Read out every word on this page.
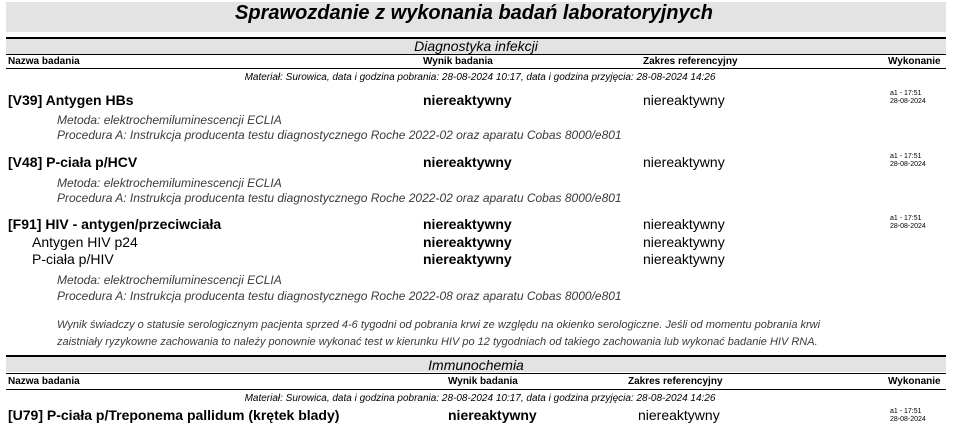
Sprawozdanie z wykonania badań laboratoryjnych
Diagnostyka infekcji
Nazwa badania	Wynik badania	Zakres referencyjny	Wykonanie
Materiał: Surowica, data i godzina pobrania: 28-08-2024 10:17, data i godzina przyjęcia: 28-08-2024 14:26
[V39] Antygen HBs	niereaktywny	niereaktywny	a1 - 17:51
28-08-2024
Metoda: elektrochemiluminescencji ECLIA
Procedura A: Instrukcja producenta testu diagnostycznego Roche 2022-02 oraz aparatu Cobas 8000/e801
[V48] P-ciała p/HCV	niereaktywny	niereaktywny	a1 - 17:51
28-08-2024
Metoda: elektrochemiluminescencji ECLIA
Procedura A: Instrukcja producenta testu diagnostycznego Roche 2022-02 oraz aparatu Cobas 8000/e801
[F91] HIV - antygen/przeciwciała	niereaktywny	niereaktywny	a1 - 17:51
28-08-2024
Antygen HIV p24	niereaktywny	niereaktywny
P-ciała p/HIV	niereaktywny	niereaktywny
Metoda: elektrochemiluminescencji ECLIA
Procedura A: Instrukcja producenta testu diagnostycznego Roche 2022-08 oraz aparatu Cobas 8000/e801
Wynik świadczy o statusie serologicznym pacjenta sprzed 4-6 tygodni od pobrania krwi ze względu na okienko serologiczne. Jeśli od momentu pobrania krwi
zaistniały ryzykowne zachowania to należy ponownie wykonać test w kierunku HIV po 12 tygodniach od takiego zachowania lub wykonać badanie HIV RNA.
Immunochemia
Nazwa badania	Wynik badania	Zakres referencyjny	Wykonanie
Materiał: Surowica, data i godzina pobrania: 28-08-2024 10:17, data i godzina przyjęcia: 28-08-2024 14:26
[U79] P-ciała p/Treponema pallidum (krętek blady)	niereaktywny	niereaktywny	a1 - 17:51
28-08-2024
